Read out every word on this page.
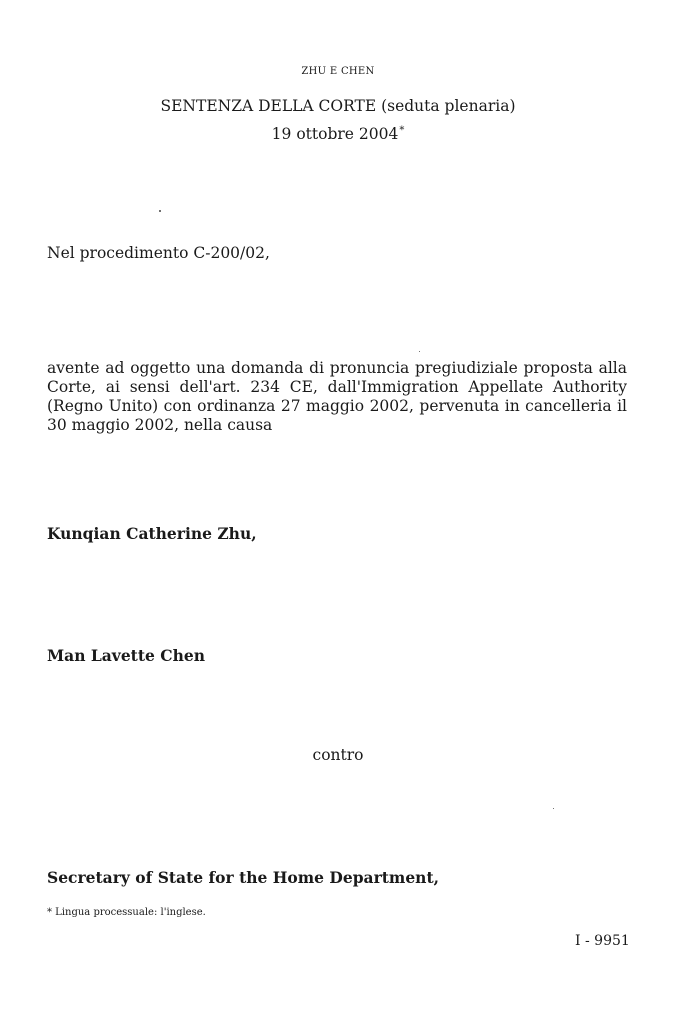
ZHU E CHEN
SENTENZA DELLA CORTE (seduta plenaria)
19 ottobre 2004*
Nel procedimento C-200/02,
avente ad oggetto una domanda di pronuncia pregiudiziale proposta alla Corte, ai sensi dell'art. 234 CE, dall'Immigration Appellate Authority (Regno Unito) con ordinanza 27 maggio 2002, pervenuta in cancelleria il 30 maggio 2002, nella causa
Kunqian Catherine Zhu,
Man Lavette Chen
contro
Secretary of State for the Home Department,
* Lingua processuale: l'inglese.
I - 9951
